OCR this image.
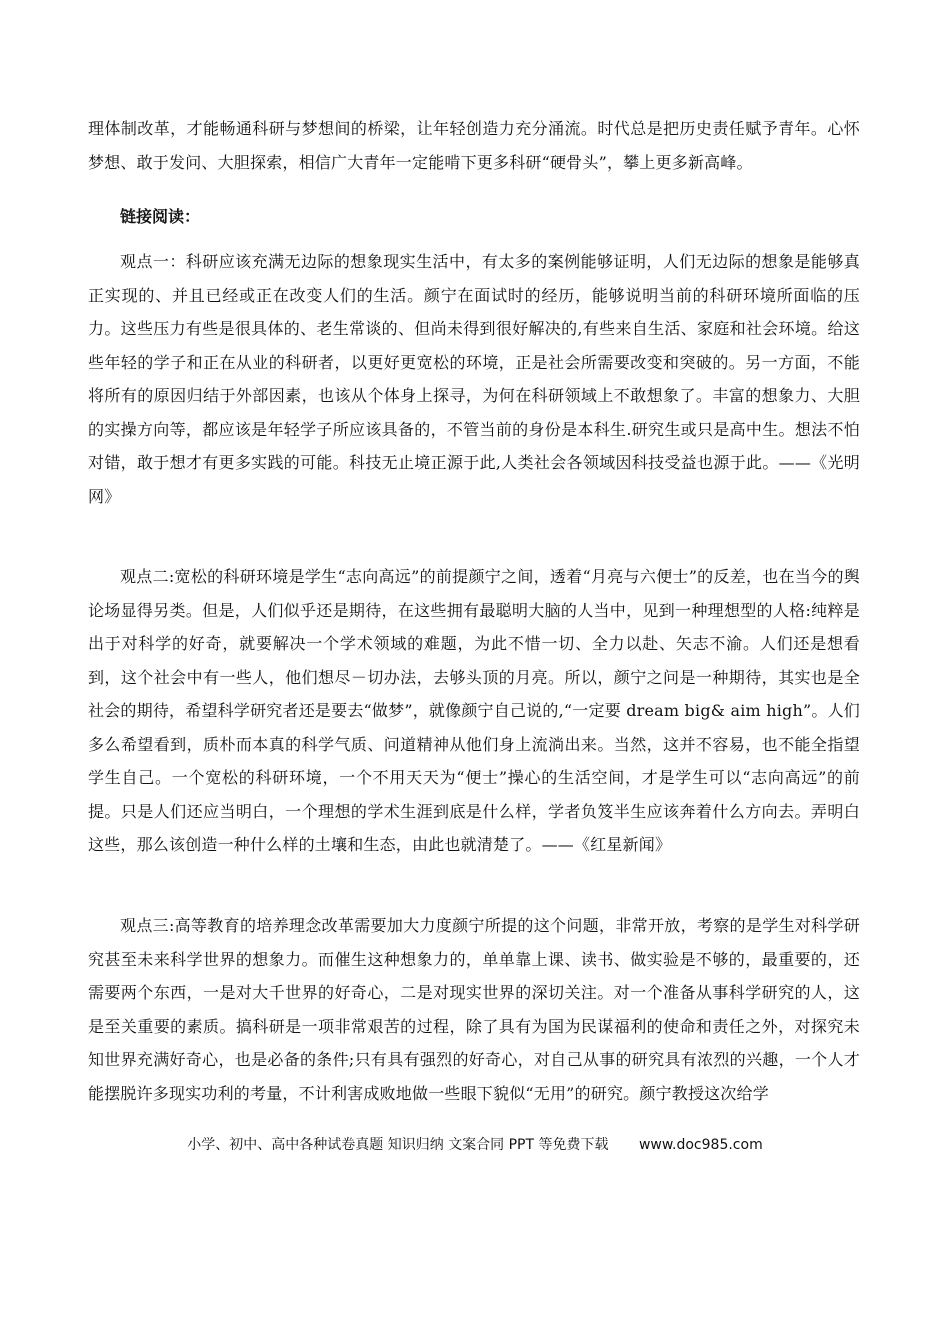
理体制改革，才能畅通科研与梦想间的桥梁，让年轻创造力充分涌流。时代总是把历史责任赋予青年。心怀梦想、敢于发问、大胆探索，相信广大青年一定能啃下更多科研“硬骨头”，攀上更多新高峰。

链接阅读：

观点一：科研应该充满无边际的想象现实生活中，有太多的案例能够证明，人们无边际的想象是能够真正实现的、并且已经或正在改变人们的生活。颜宁在面试时的经历，能够说明当前的科研环境所面临的压力。这些压力有些是很具体的、老生常谈的、但尚未得到很好解决的,有些来自生活、家庭和社会环境。给这些年轻的学子和正在从业的科研者，以更好更宽松的环境，正是社会所需要改变和突破的。另一方面，不能将所有的原因归结于外部因素，也该从个体身上探寻，为何在科研领域上不敢想象了。丰富的想象力、大胆的实操方向等，都应该是年轻学子所应该具备的，不管当前的身份是本科生.研究生或只是高中生。想法不怕对错，敢于想才有更多实践的可能。科技无止境正源于此,人类社会各领域因科技受益也源于此。——《光明网》

观点二:宽松的科研环境是学生“志向高远”的前提颜宁之间，透着“月亮与六便士”的反差，也在当今的舆论场显得另类。但是，人们似乎还是期待，在这些拥有最聪明大脑的人当中，见到一种理想型的人格:纯粹是出于对科学的好奇，就要解决一个学术领域的难题，为此不惜一切、全力以赴、矢志不渝。人们还是想看到，这个社会中有一些人，他们想尽－切办法，去够头顶的月亮。所以，颜宁之问是一种期待，其实也是全社会的期待，希望科学研究者还是要去“做梦”，就像颜宁自己说的,“一定要 dream big& aim high”。人们多么希望看到，质朴而本真的科学气质、问道精神从他们身上流淌出来。当然，这并不容易，也不能全指望学生自己。一个宽松的科研环境，一个不用天天为“便士”操心的生活空间，才是学生可以“志向高远”的前提。只是人们还应当明白，一个理想的学术生涯到底是什么样，学者负笈半生应该奔着什么方向去。弄明白这些，那么该创造一种什么样的土壤和生态，由此也就清楚了。——《红星新闻》

观点三:高等教育的培养理念改革需要加大力度颜宁所提的这个问题，非常开放，考察的是学生对科学研究甚至未来科学世界的想象力。而催生这种想象力的，单单靠上课、读书、做实验是不够的，最重要的，还需要两个东西，一是对大千世界的好奇心，二是对现实世界的深切关注。对一个准备从事科学研究的人，这是至关重要的素质。搞科研是一项非常艰苦的过程，除了具有为国为民谋福利的使命和责任之外，对探究未知世界充满好奇心，也是必备的条件;只有具有强烈的好奇心，对自己从事的研究具有浓烈的兴趣，一个人才能摆脱许多现实功利的考量，不计利害成败地做一些眼下貌似“无用”的研究。颜宁教授这次给学

小学、初中、高中各种试卷真题 知识归纳 文案合同 PPT 等免费下载 www.doc985.com
